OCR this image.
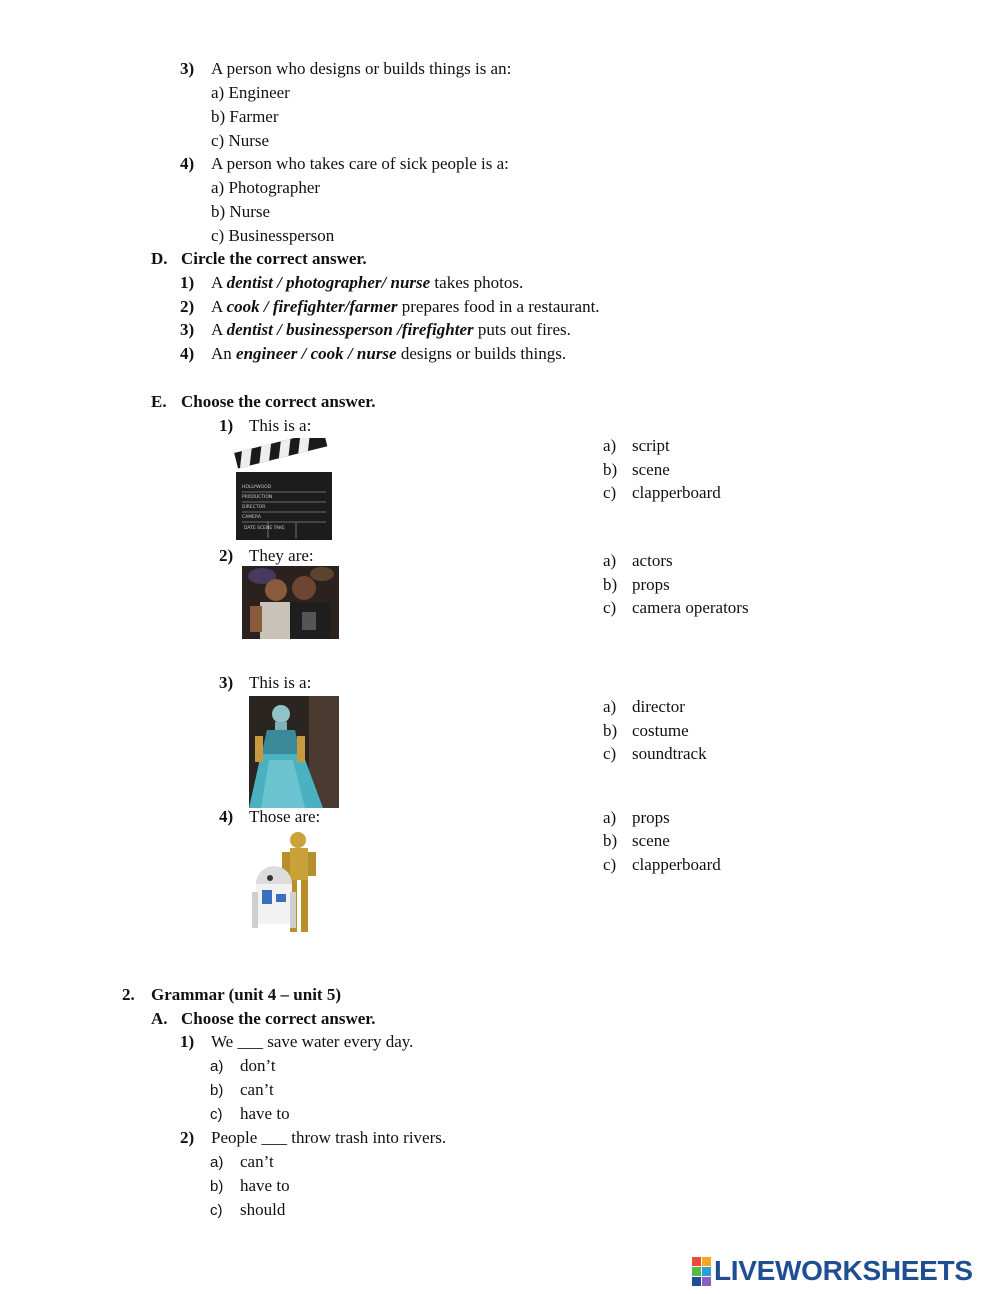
3) A person who designs or builds things is an:
a) Engineer
b) Farmer
c) Nurse
4) A person who takes care of sick people is a:
a) Photographer
b) Nurse
c) Businessperson
D. Circle the correct answer.
1) A dentist / photographer/ nurse takes photos.
2) A cook / firefighter/farmer prepares food in a restaurant.
3) A dentist / businessperson /firefighter puts out fires.
4) An engineer / cook / nurse designs or builds things.
E. Choose the correct answer.
1) This is a:
HOLLYWOOD
PRODUCTION
DIRECTOR
CAMERA
DATE SCENE TAKE
a) script
b) scene
c) clapperboard
2) They are:	a) actors
b) props
c) camera operators
3) This is a:
a) director
b) costume
c) soundtrack
4) Those are:	a) props
b) scene
c) clapperboard
2. Grammar (unit 4 – unit 5)
A. Choose the correct answer.
1) We ___ save water every day.
a) don’t
b) can’t
c) have to
2) People ___ throw trash into rivers.
a) can’t
b) have to
c) should
LIVEWORKSHEETS
